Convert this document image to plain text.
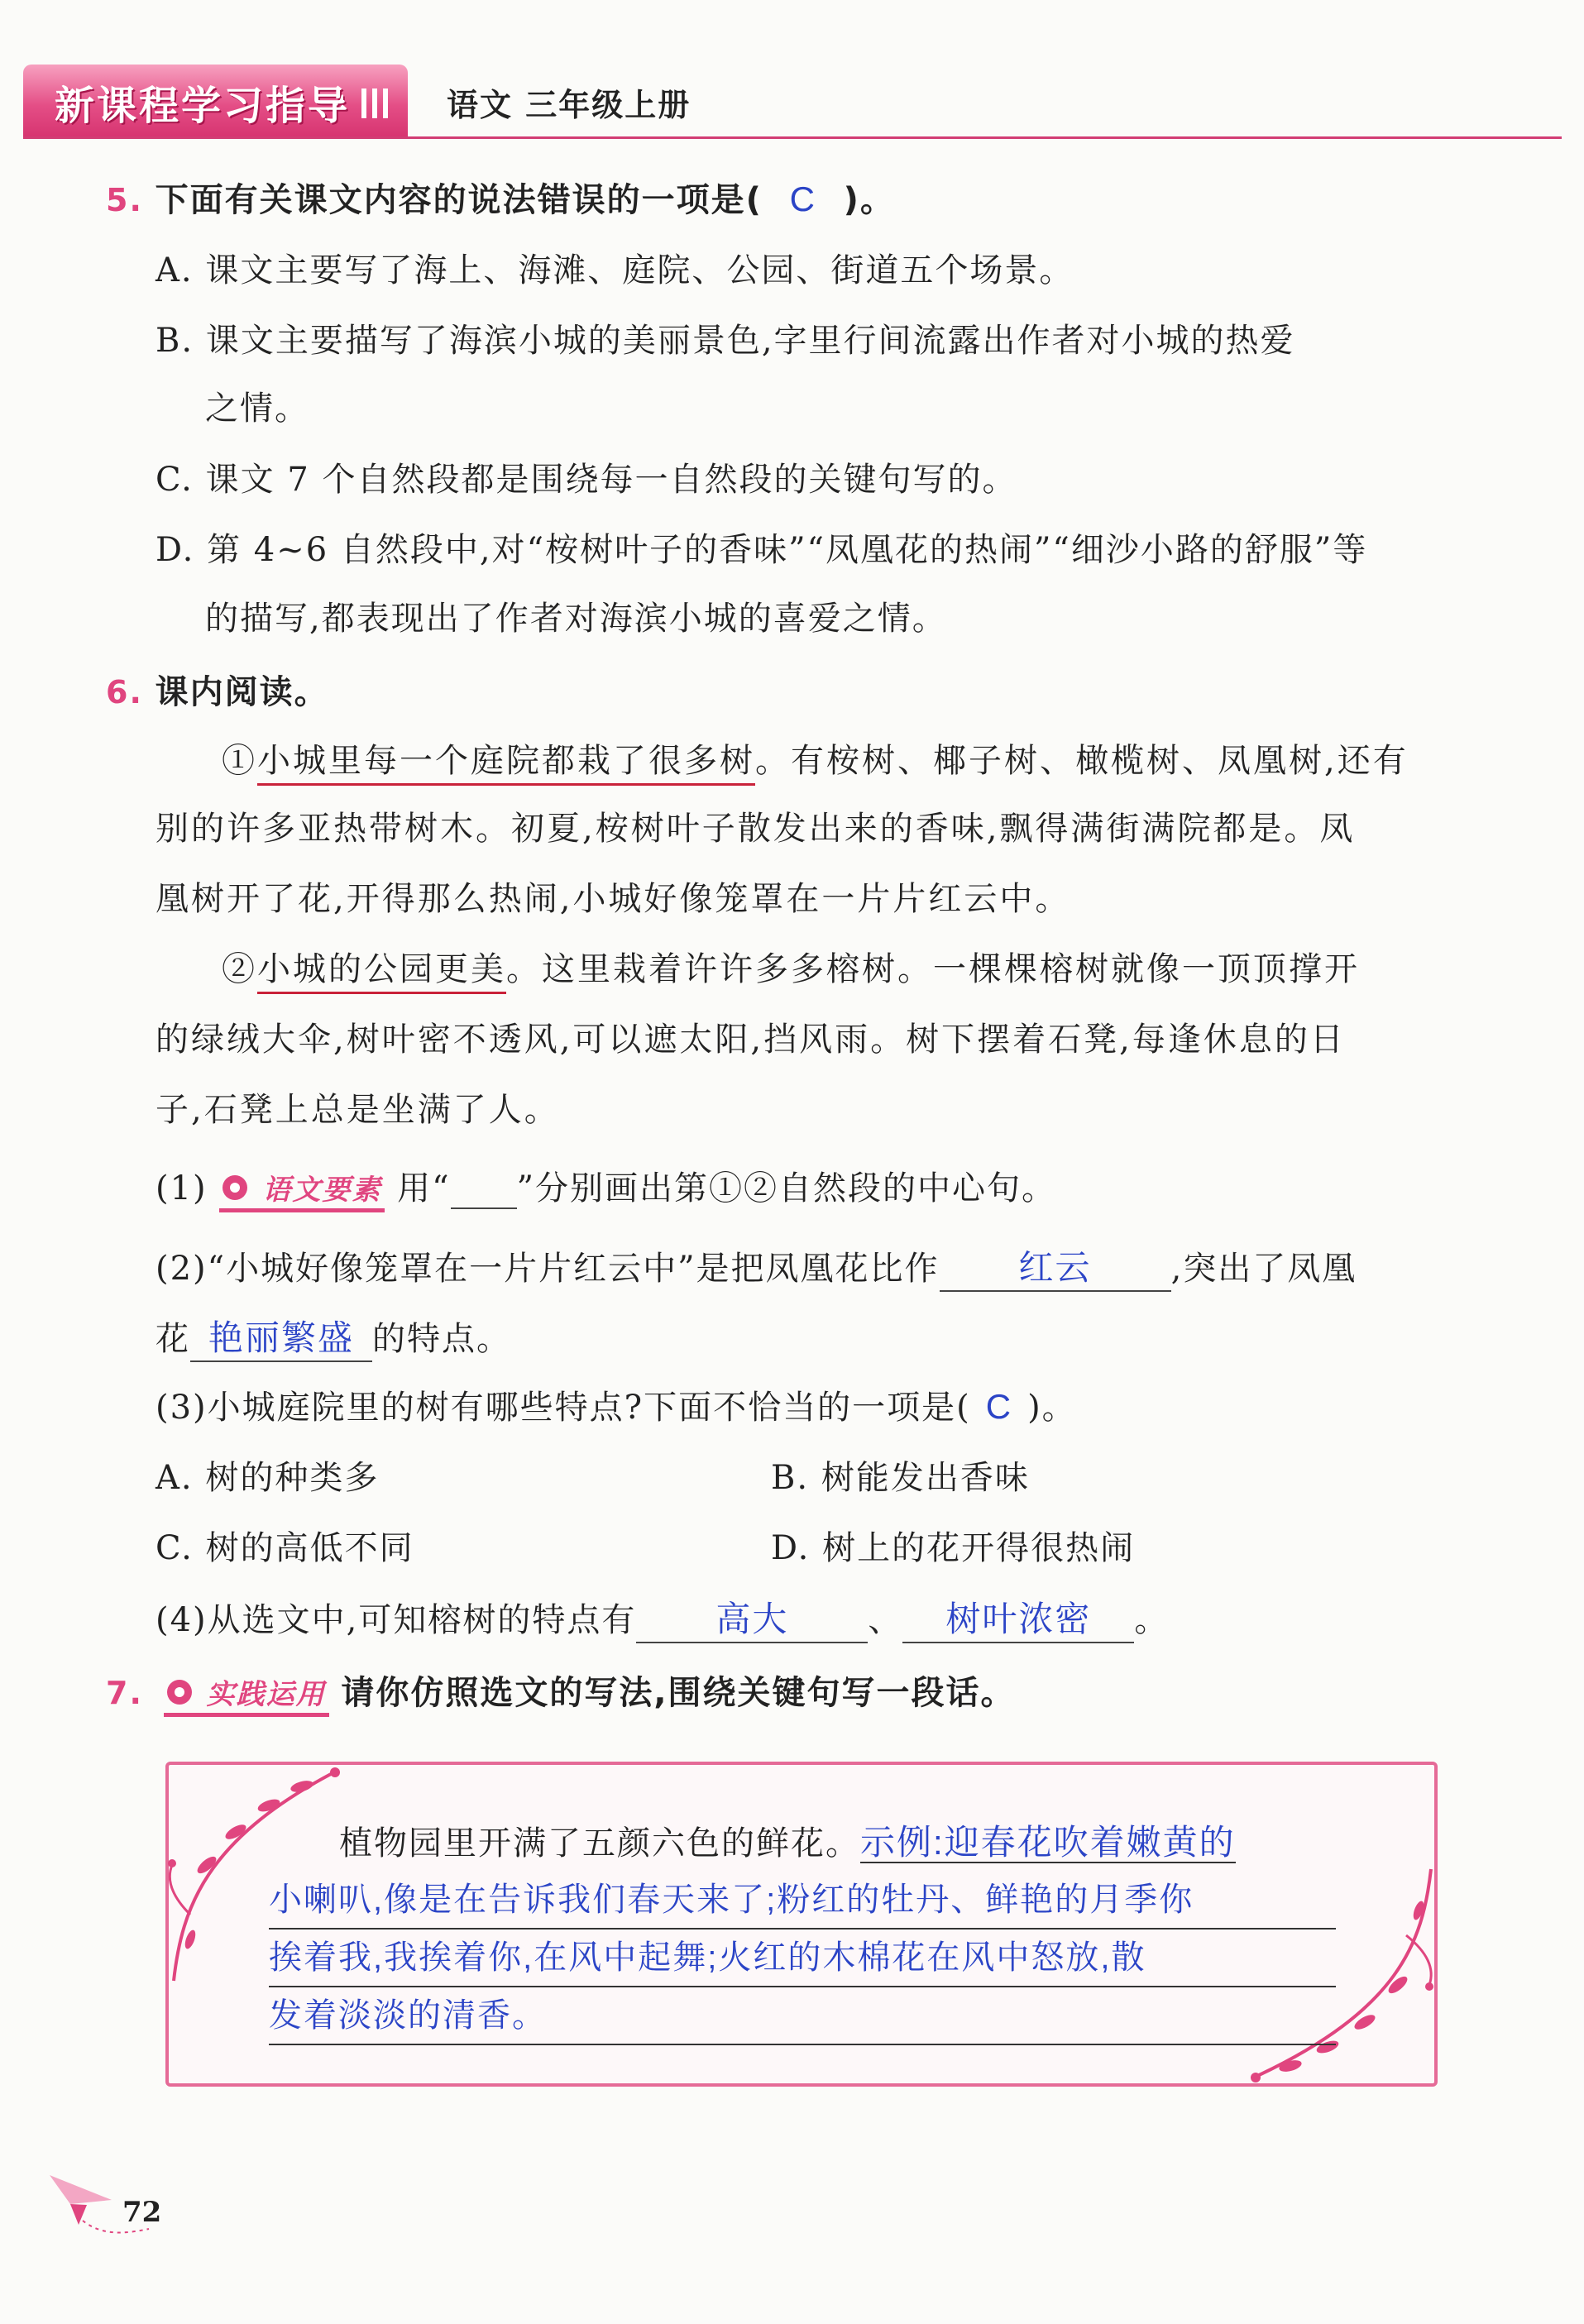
新课程学习指导	语文 三年级上册
5. 下面有关课文内容的说法错误的一项是( C )。
A. 课文主要写了海上、海滩、庭院、公园、街道五个场景。
B. 课文主要描写了海滨小城的美丽景色,字里行间流露出作者对小城的热爱
之情。
C. 课文 7 个自然段都是围绕每一自然段的关键句写的。
D. 第 4~6 自然段中,对“桉树叶子的香味”“凤凰花的热闹”“细沙小路的舒服”等
的描写,都表现出了作者对海滨小城的喜爱之情。
6. 课内阅读。
①小城里每一个庭院都栽了很多树。有桉树、椰子树、橄榄树、凤凰树,还有
别的许多亚热带树木。初夏,桉树叶子散发出来的香味,飘得满街满院都是。凤
凰树开了花,开得那么热闹,小城好像笼罩在一片片红云中。
②小城的公园更美。这里栽着许许多多榕树。一棵棵榕树就像一顶顶撑开
的绿绒大伞,树叶密不透风,可以遮太阳,挡风雨。树下摆着石凳,每逢休息的日
子,石凳上总是坐满了人。
(1) 语文要素 用“ ”分别画出第①②自然段的中心句。
(2)“小城好像笼罩在一片片红云中”是把凤凰花比作 红云 ,突出了凤凰
花 艳丽繁盛 的特点。
(3)小城庭院里的树有哪些特点?下面不恰当的一项是( C )。
A. 树的种类多	B. 树能发出香味
C. 树的高低不同	D. 树上的花开得很热闹
(4)从选文中,可知榕树的特点有 高大 、 树叶浓密 。
7. 实践运用 请你仿照选文的写法,围绕关键句写一段话。
植物园里开满了五颜六色的鲜花。示例:迎春花吹着嫩黄的
小喇叭,像是在告诉我们春天来了;粉红的牡丹、鲜艳的月季你
挨着我,我挨着你,在风中起舞;火红的木棉花在风中怒放,散
发着淡淡的清香。
72
